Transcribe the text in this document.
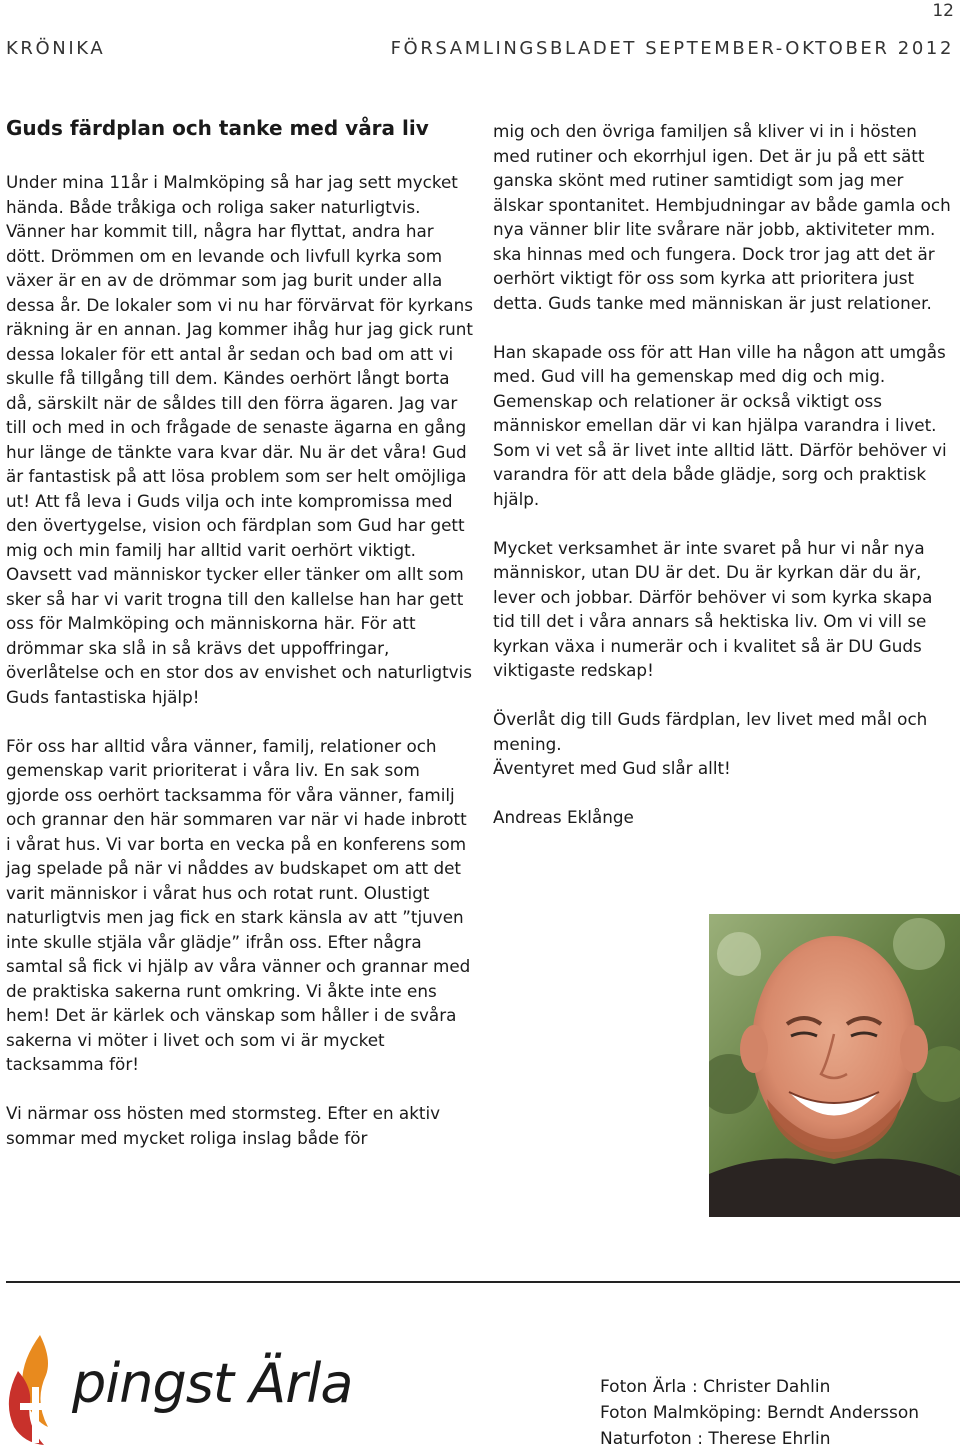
12
KRÖNIKA	FÖRSAMLINGSBLADET SEPTEMBER-OKTOBER 2012
Guds färdplan och tanke med våra liv

Under mina 11år i Malmköping så har jag sett mycket hända. Både tråkiga och roliga saker naturligtvis. Vänner har kommit till, några har flyttat, andra har dött. Drömmen om en levande och livfull kyrka som växer är en av de drömmar som jag burit under alla dessa år. De lokaler som vi nu har förvärvat för kyrkans räkning är en annan. Jag kommer ihåg hur jag gick runt dessa lokaler för ett antal år sedan och bad om att vi skulle få tillgång till dem. Kändes oerhört långt borta då, särskilt när de såldes till den förra ägaren. Jag var till och med in och frågade de senaste ägarna en gång hur länge de tänkte vara kvar där. Nu är det våra! Gud är fantastisk på att lösa problem som ser helt omöjliga ut! Att få leva i Guds vilja och inte kompromissa med den övertygelse, vision och färdplan som Gud har gett mig och min familj har alltid varit oerhört viktigt. Oavsett vad människor tycker eller tänker om allt som sker så har vi varit trogna till den kallelse han har gett oss för Malmköping och människorna här. För att drömmar ska slå in så krävs det uppoffringar, överlåtelse och en stor dos av envishet och naturligtvis Guds fantastiska hjälp!

För oss har alltid våra vänner, familj, relationer och gemenskap varit prioriterat i våra liv. En sak som gjorde oss oerhört tacksamma för våra vänner, familj och grannar den här sommaren var när vi hade inbrott i vårat hus. Vi var borta en vecka på en konferens som jag spelade på när vi nåddes av budskapet om att det varit människor i vårat hus och rotat runt. Olustigt naturligtvis men jag fick en stark känsla av att ”tjuven inte skulle stjäla vår glädje” ifrån oss. Efter några samtal så fick vi hjälp av våra vänner och grannar med de praktiska sakerna runt omkring. Vi åkte inte ens hem! Det är kärlek och vänskap som håller i de svåra sakerna vi möter i livet och som vi är mycket tacksamma för!

Vi närmar oss hösten med stormsteg. Efter en aktiv sommar med mycket roliga inslag både för

mig och den övriga familjen så kliver vi in i hösten med rutiner och ekorrhjul igen. Det är ju på ett sätt ganska skönt med rutiner samtidigt som jag mer älskar spontanitet. Hembjudningar av både gamla och nya vänner blir lite svårare när jobb, aktiviteter mm. ska hinnas med och fungera. Dock tror jag att det är oerhört viktigt för oss som kyrka att prioritera just detta. Guds tanke med människan är just relationer.

Han skapade oss för att Han ville ha någon att umgås med. Gud vill ha gemenskap med dig och mig. Gemenskap och relationer är också viktigt oss människor emellan där vi kan hjälpa varandra i livet. Som vi vet så är livet inte alltid lätt. Därför behöver vi varandra för att dela både glädje, sorg och praktisk hjälp.

Mycket verksamhet är inte svaret på hur vi når nya människor, utan DU är det. Du är kyrkan där du är, lever och jobbar. Därför behöver vi som kyrka skapa tid till det i våra annars så hektiska liv. Om vi vill se kyrkan växa i numerär och i kvalitet så är DU Guds viktigaste redskap!

Överlåt dig till Guds färdplan, lev livet med mål och mening.
Äventyret med Gud slår allt!

Andreas Eklånge

pingst Ärla	Foton Ärla : Christer Dahlin
Foton Malmköping: Berndt Andersson
Naturfoton : Therese Ehrlin
